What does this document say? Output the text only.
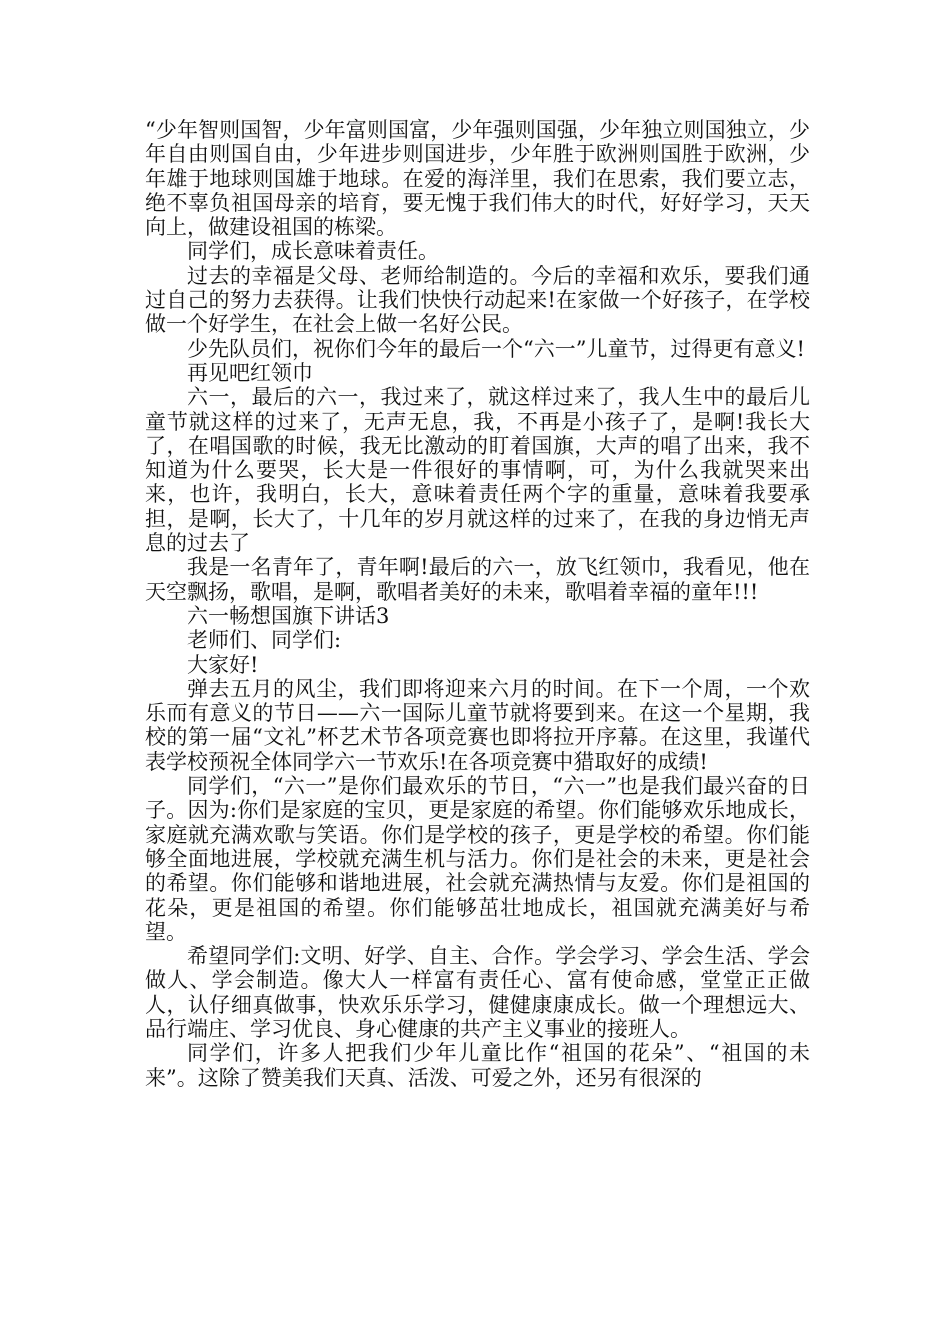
“少年智则国智，少年富则国富，少年强则国强，少年独立则国独立，少年自由则国自由，少年进步则国进步，少年胜于欧洲则国胜于欧洲，少年雄于地球则国雄于地球。在爱的海洋里，我们在思索，我们要立志，绝不辜负祖国母亲的培育，要无愧于我们伟大的时代，好好学习，天天向上，做建设祖国的栋梁。

同学们，成长意味着责任。

过去的幸福是父母、老师给制造的。今后的幸福和欢乐，要我们通过自己的努力去获得。让我们快快行动起来!在家做一个好孩子，在学校做一个好学生，在社会上做一名好公民。

少先队员们，祝你们今年的最后一个“六一”儿童节，过得更有意义!

再见吧红领巾

六一，最后的六一，我过来了，就这样过来了，我人生中的最后儿童节就这样的过来了，无声无息，我，不再是小孩子了，是啊!我长大了，在唱国歌的时候，我无比激动的盯着国旗，大声的唱了出来，我不知道为什么要哭，长大是一件很好的事情啊，可，为什么我就哭来出来，也许，我明白，长大，意味着责任两个字的重量，意味着我要承担，是啊，长大了，十几年的岁月就这样的过来了，在我的身边悄无声息的过去了

我是一名青年了，青年啊!最后的六一，放飞红领巾，我看见，他在天空飘扬，歌唱，是啊，歌唱者美好的未来，歌唱着幸福的童年!!!

六一畅想国旗下讲话3

老师们、同学们:

大家好!

弹去五月的风尘，我们即将迎来六月的时间。在下一个周，一个欢乐而有意义的节日——六一国际儿童节就将要到来。在这一个星期，我校的第一届“文礼”杯艺术节各项竞赛也即将拉开序幕。在这里，我谨代表学校预祝全体同学六一节欢乐!在各项竞赛中猎取好的成绩!

同学们，“六一”是你们最欢乐的节日，“六一”也是我们最兴奋的日子。因为:你们是家庭的宝贝，更是家庭的希望。你们能够欢乐地成长，家庭就充满欢歌与笑语。你们是学校的孩子，更是学校的希望。你们能够全面地进展，学校就充满生机与活力。你们是社会的未来，更是社会的希望。你们能够和谐地进展，社会就充满热情与友爱。你们是祖国的花朵，更是祖国的希望。你们能够茁壮地成长，祖国就充满美好与希望。

希望同学们:文明、好学、自主、合作。学会学习、学会生活、学会做人、学会制造。像大人一样富有责任心、富有使命感，堂堂正正做人，认仔细真做事，快欢乐乐学习，健健康康成长。做一个理想远大、品行端庄、学习优良、身心健康的共产主义事业的接班人。

同学们，许多人把我们少年儿童比作“祖国的花朵”、“祖国的未来”。这除了赞美我们天真、活泼、可爱之外，还另有很深的
